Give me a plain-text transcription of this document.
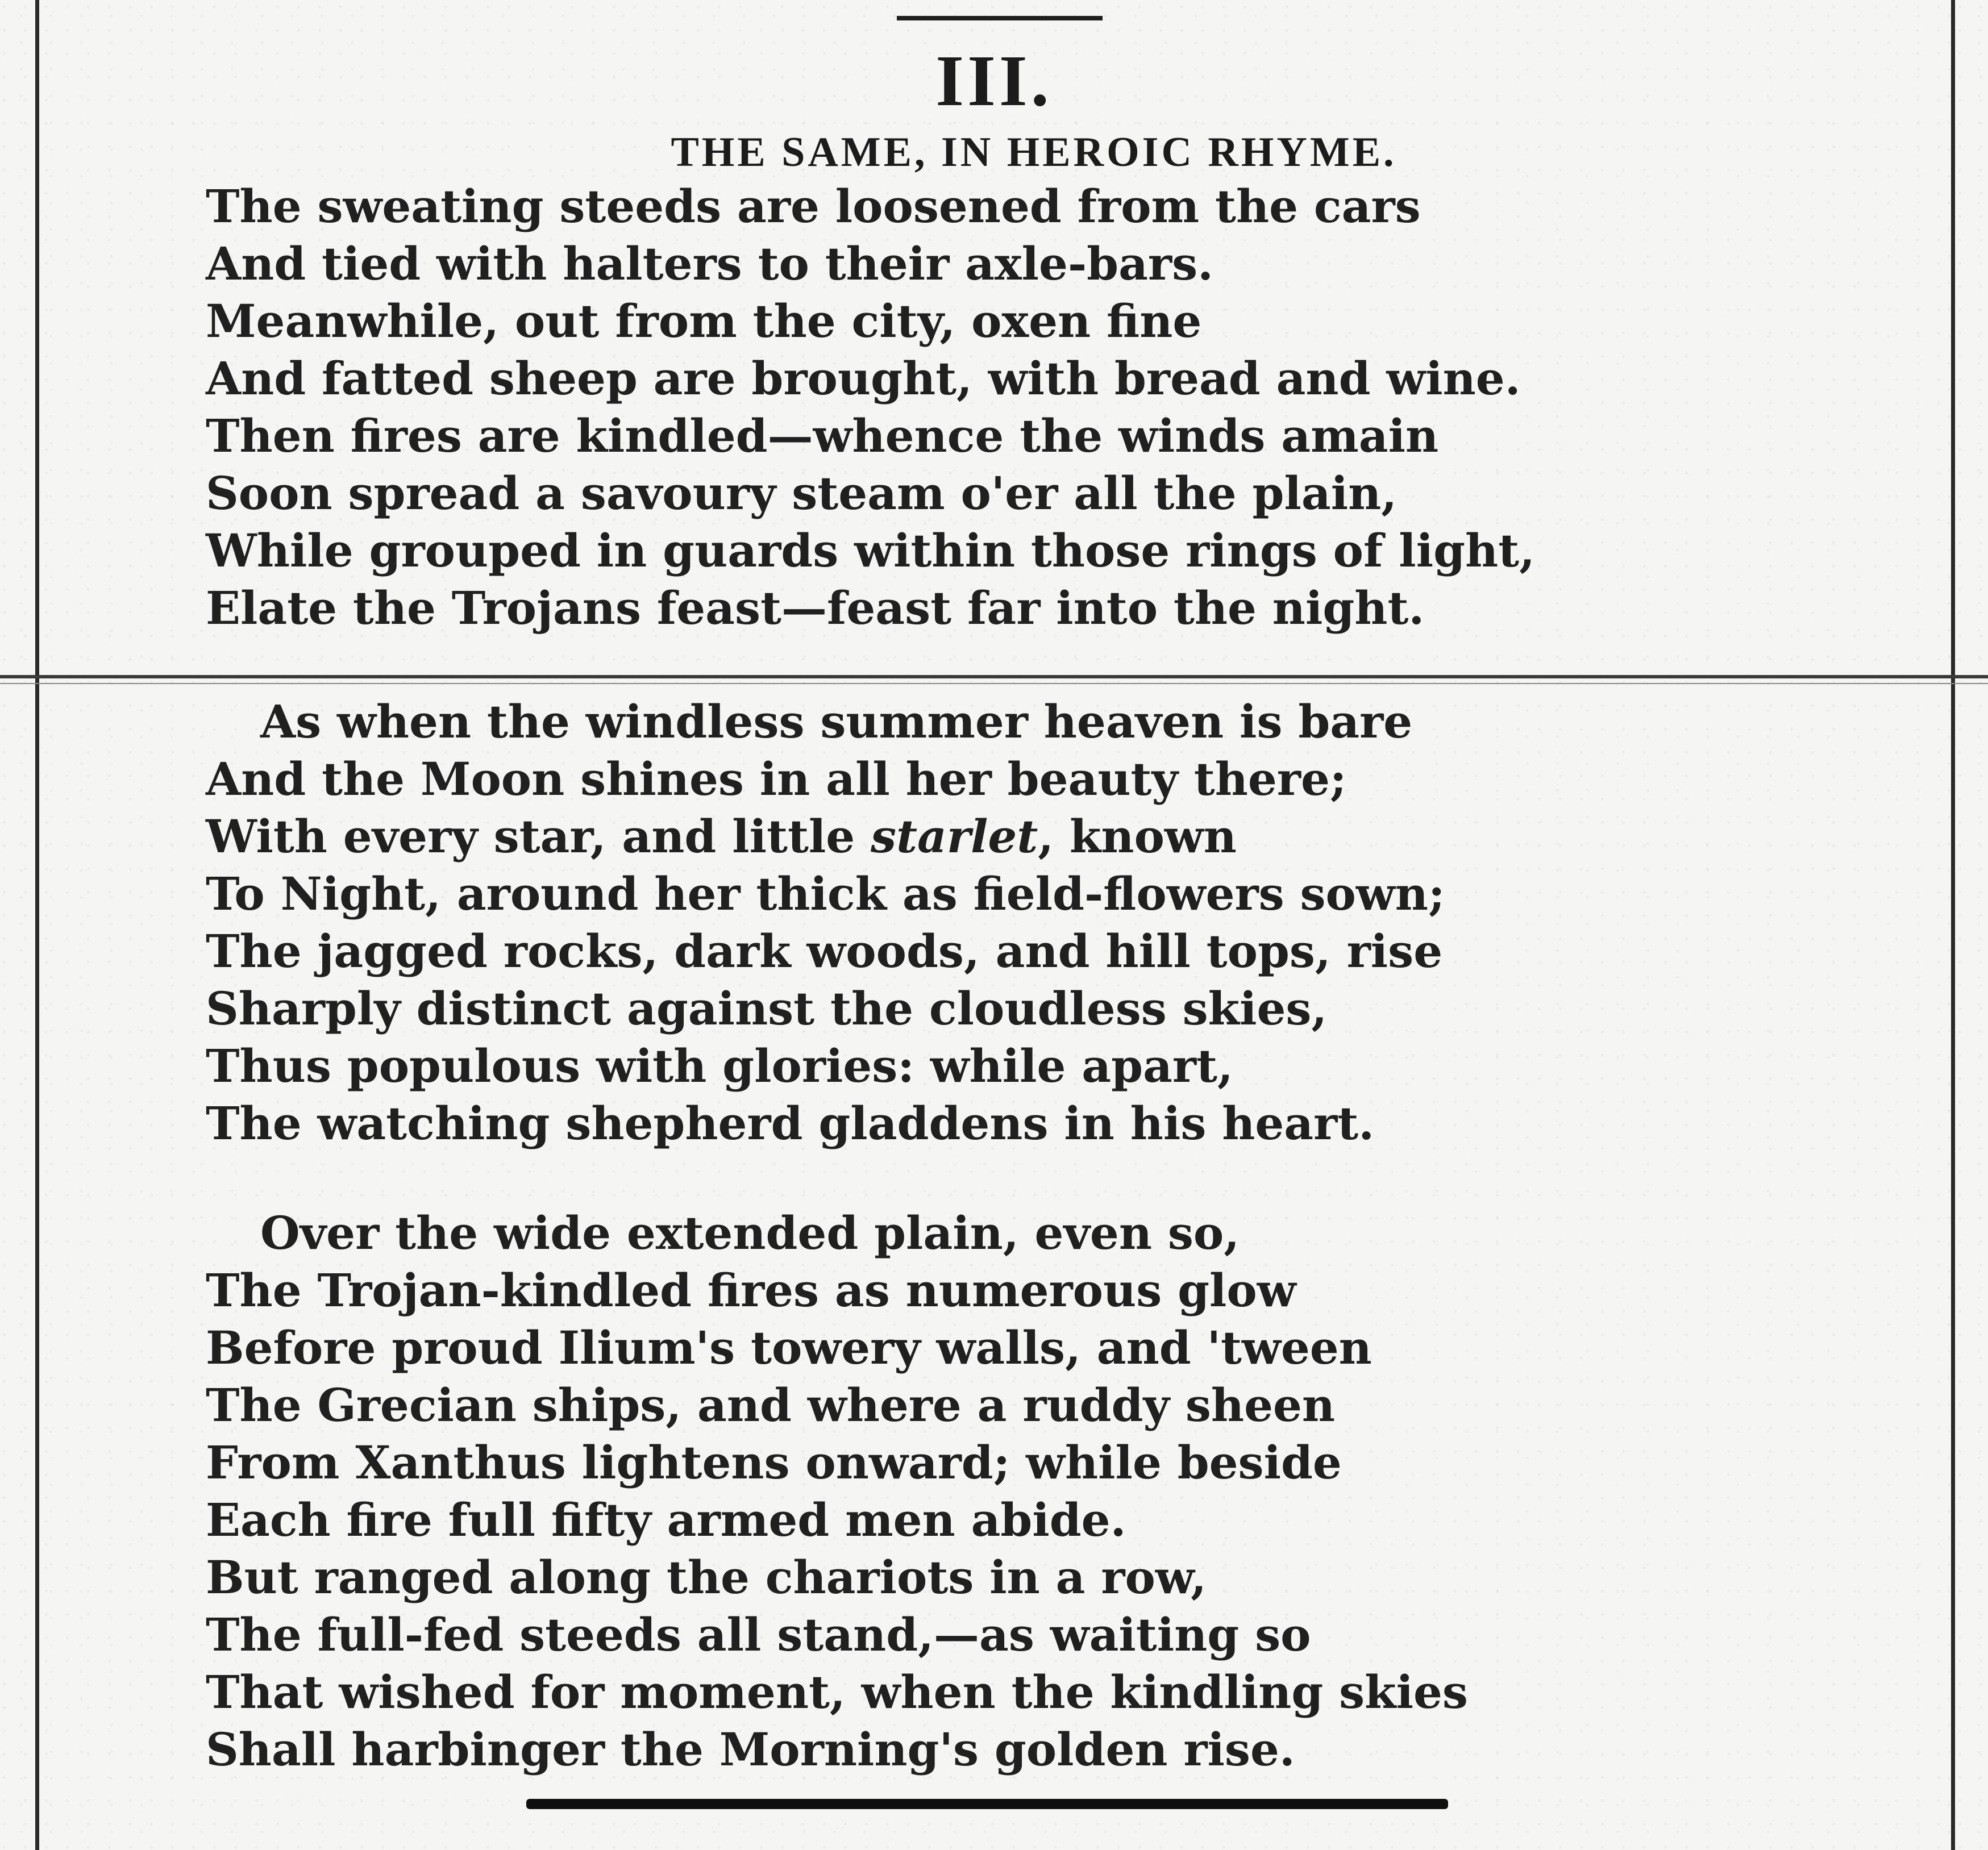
III.
THE SAME, IN HEROIC RHYME.
The sweating steeds are loosened from the cars
And tied with halters to their axle-bars.
Meanwhile, out from the city, oxen fine
And fatted sheep are brought, with bread and wine.
Then fires are kindled—whence the winds amain
Soon spread a savoury steam o'er all the plain,
While grouped in guards within those rings of light,
Elate the Trojans feast—feast far into the night.
As when the windless summer heaven is bare
And the Moon shines in all her beauty there;
With every star, and little starlet, known
To Night, around her thick as field-flowers sown;
The jagged rocks, dark woods, and hill tops, rise
Sharply distinct against the cloudless skies,
Thus populous with glories: while apart,
The watching shepherd gladdens in his heart.
Over the wide extended plain, even so,
The Trojan-kindled fires as numerous glow
Before proud Ilium's towery walls, and 'tween
The Grecian ships, and where a ruddy sheen
From Xanthus lightens onward; while beside
Each fire full fifty armed men abide.
But ranged along the chariots in a row,
The full-fed steeds all stand,—as waiting so
That wished for moment, when the kindling skies
Shall harbinger the Morning's golden rise.
